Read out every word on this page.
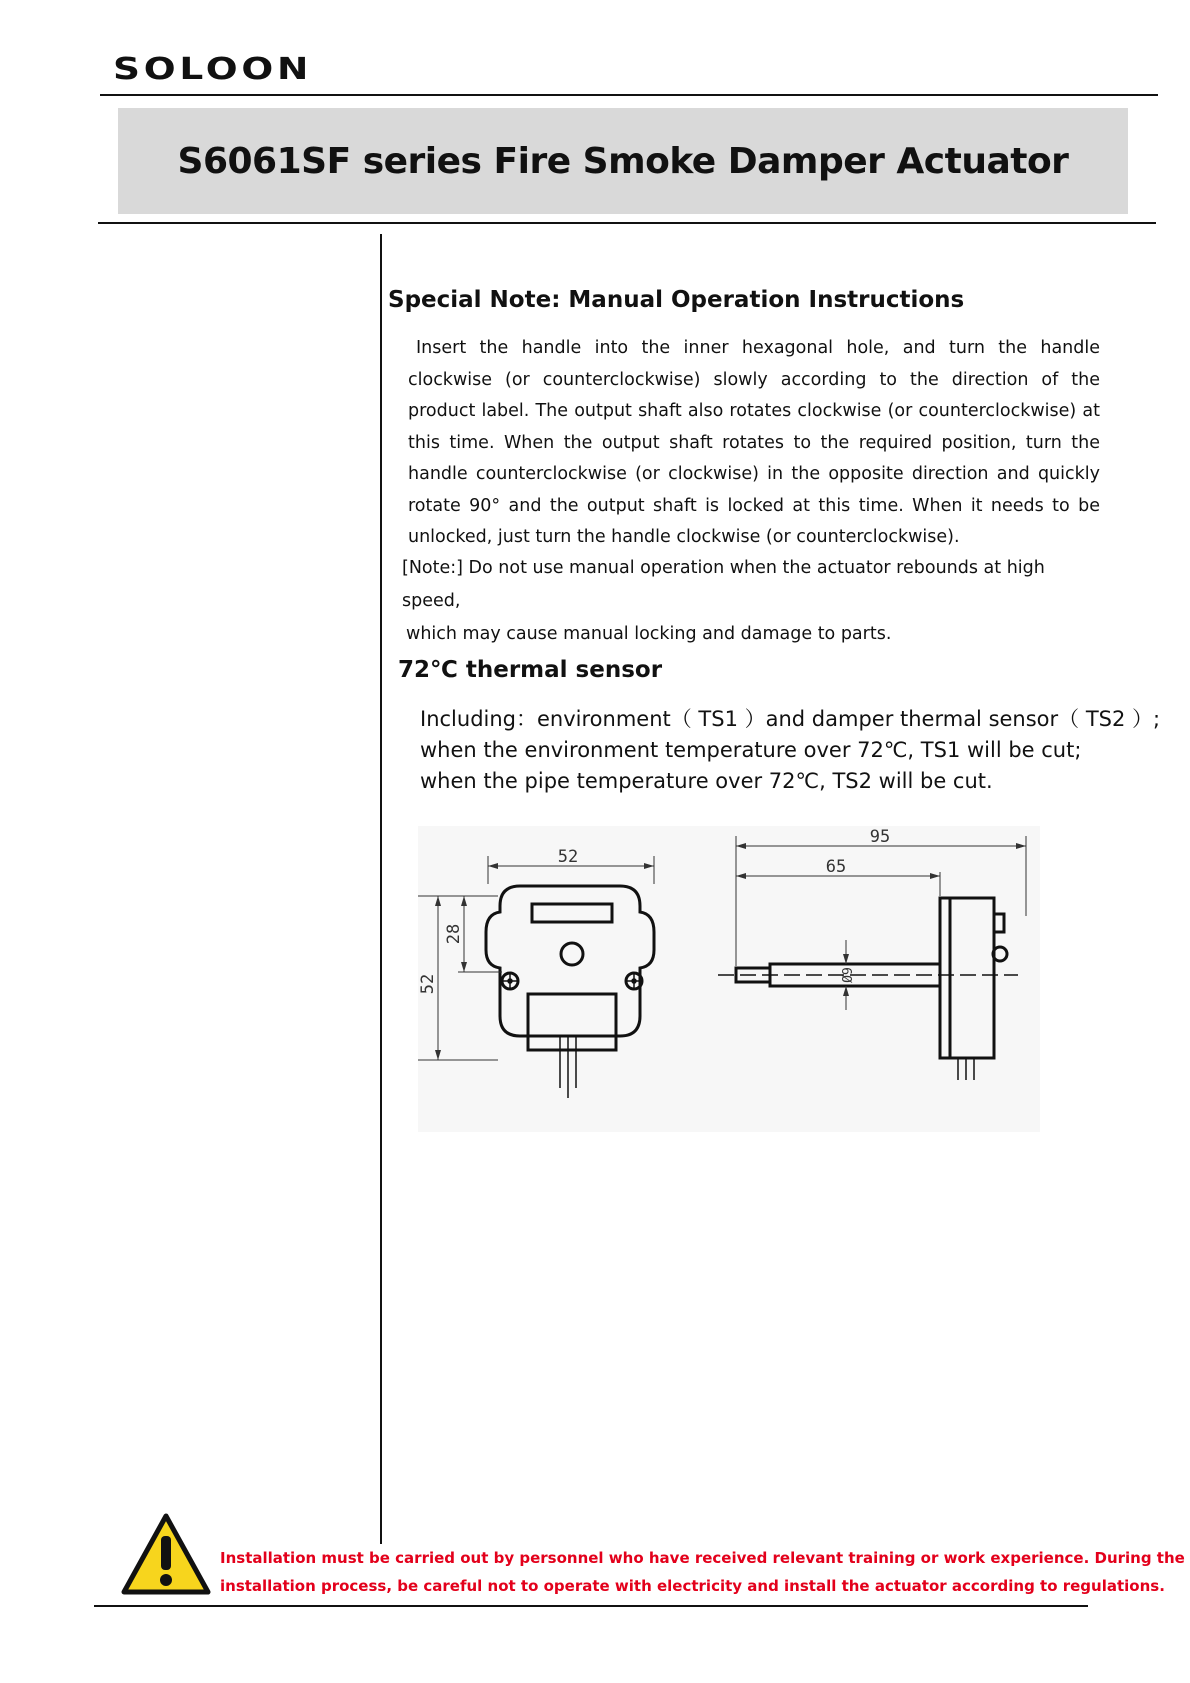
SOLOON
S6061SF series Fire Smoke Damper Actuator
Special Note: Manual Operation Instructions
Insert the handle into the inner hexagonal hole, and turn the handle clockwise (or counterclockwise) slowly according to the direction of the product label. The output shaft also rotates clockwise (or counterclockwise) at this time. When the output shaft rotates to the required position, turn the handle counterclockwise (or clockwise) in the opposite direction and quickly rotate 90° and the output shaft is locked at this time. When it needs to be unlocked, just turn the handle clockwise (or counterclockwise).
[Note:] Do not use manual operation when the actuator rebounds at high speed,
which may cause manual locking and damage to parts.
72℃ thermal sensor
Including：environment（ TS1 ）and damper thermal sensor（ TS2 ）;
when the environment temperature over 72℃, TS1 will be cut;
when the pipe temperature over 72℃, TS2 will be cut.
52
52
28
95
65
Ø9
Installation must be carried out by personnel who have received relevant training or work experience. During the
installation process, be careful not to operate with electricity and install the actuator according to regulations.
